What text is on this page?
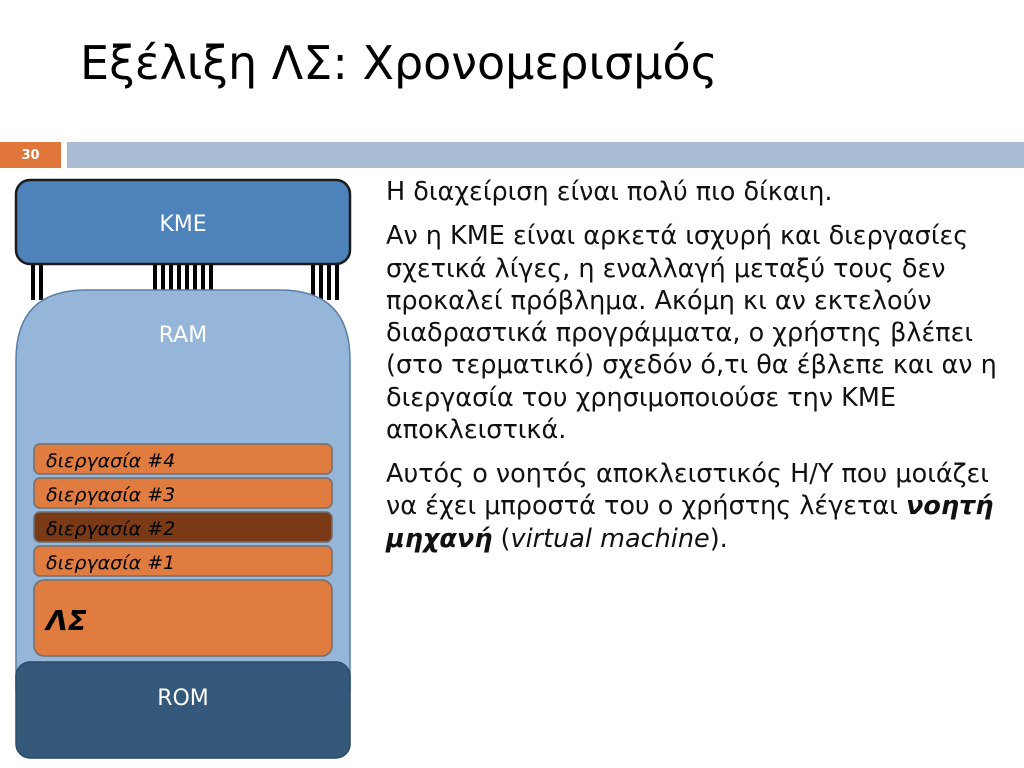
Εξέλιξη ΛΣ: Χρονομερισμός
30
KME
RAM
διεργασία #4
διεργασία #3
διεργασία #2
διεργασία #1
ΛΣ
ROM

Η διαχείριση είναι πολύ πιο δίκαιη.

Αν η ΚΜΕ είναι αρκετά ισχυρή και διεργασίες σχετικά λίγες, η εναλλαγή μεταξύ τους δεν προκαλεί πρόβλημα. Ακόμη κι αν εκτελούν διαδραστικά προγράμματα, ο χρήστης βλέπει (στο τερματικό) σχεδόν ό,τι θα έβλεπε και αν η διεργασία του χρησιμοποιούσε την ΚΜΕ αποκλειστικά.

Αυτός ο νοητός αποκλειστικός Η/Υ που μοιάζει να έχει μπροστά του ο χρήστης λέγεται νοητή μηχανή (virtual machine).
